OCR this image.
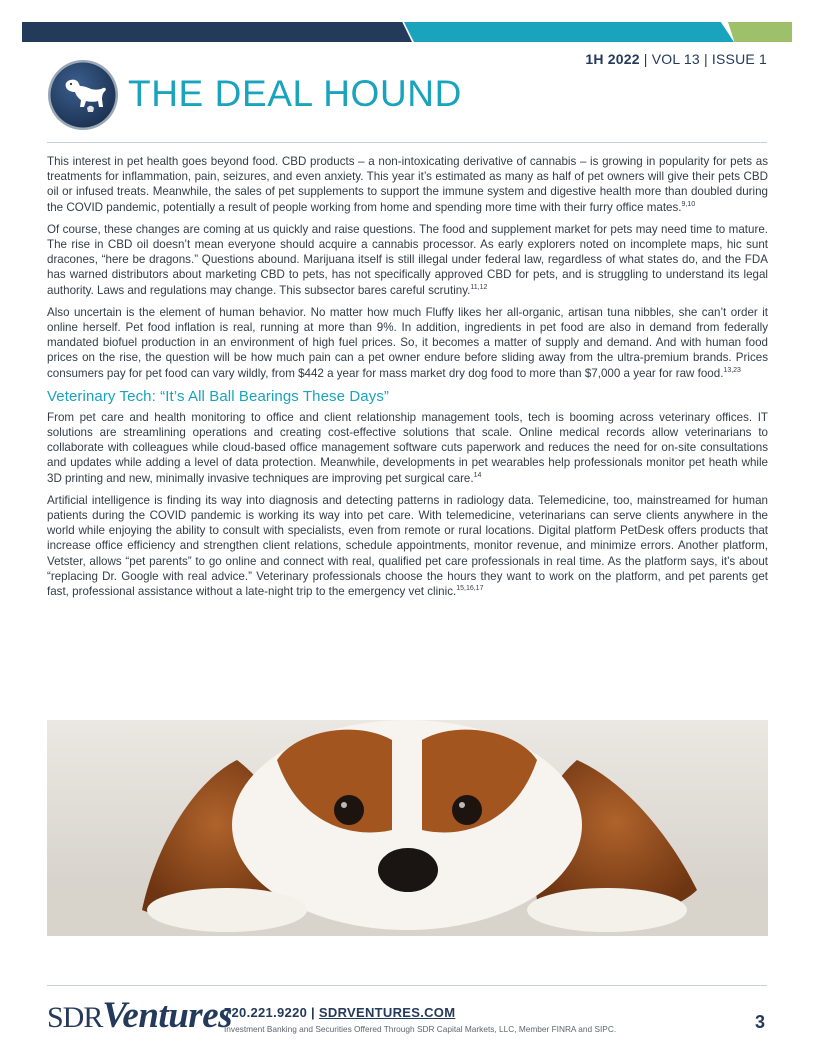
1H 2022 | VOL 13 | ISSUE 1
THE DEAL HOUND

This interest in pet health goes beyond food. CBD products – a non-intoxicating derivative of cannabis – is growing in popularity for pets as treatments for inflammation, pain, seizures, and even anxiety. This year it’s estimated as many as half of pet owners will give their pets CBD oil or infused treats. Meanwhile, the sales of pet supplements to support the immune system and digestive health more than doubled during the COVID pandemic, potentially a result of people working from home and spending more time with their furry office mates.$^{9,10}$

Of course, these changes are coming at us quickly and raise questions. The food and supplement market for pets may need time to mature. The rise in CBD oil doesn’t mean everyone should acquire a cannabis processor. As early explorers noted on incomplete maps, hic sunt dracones, “here be dragons.” Questions abound. Marijuana itself is still illegal under federal law, regardless of what states do, and the FDA has warned distributors about marketing CBD to pets, has not specifically approved CBD for pets, and is struggling to understand its legal authority. Laws and regulations may change. This subsector bares careful scrutiny.$^{11,12}$

Also uncertain is the element of human behavior. No matter how much Fluffy likes her all-organic, artisan tuna nibbles, she can’t order it online herself. Pet food inflation is real, running at more than 9%. In addition, ingredients in pet food are also in demand from federally mandated biofuel production in an environment of high fuel prices. So, it becomes a matter of supply and demand. And with human food prices on the rise, the question will be how much pain can a pet owner endure before sliding away from the ultra-premium brands. Prices consumers pay for pet food can vary wildly, from $442 a year for mass market dry dog food to more than $7,000 a year for raw food.$^{13,23}$

Veterinary Tech: “It’s All Ball Bearings These Days”

From pet care and health monitoring to office and client relationship management tools, tech is booming across veterinary offices. IT solutions are streamlining operations and creating cost-effective solutions that scale. Online medical records allow veterinarians to collaborate with colleagues while cloud-based office management software cuts paperwork and reduces the need for on-site consultations and updates while adding a level of data protection. Meanwhile, developments in pet wearables help professionals monitor pet heath while 3D printing and new, minimally invasive techniques are improving pet surgical care.$^{14}$

Artificial intelligence is finding its way into diagnosis and detecting patterns in radiology data. Telemedicine, too, mainstreamed for human patients during the COVID pandemic is working its way into pet care. With telemedicine, veterinarians can serve clients anywhere in the world while enjoying the ability to consult with specialists, even from remote or rural locations. Digital platform PetDesk offers products that increase office efficiency and strengthen client relations, schedule appointments, monitor revenue, and minimize errors. Another platform, Vetster, allows “pet parents” to go online and connect with real, qualified pet care professionals in real time. As the platform says, it’s about “replacing Dr. Google with real advice.” Veterinary professionals choose the hours they want to work on the platform, and pet parents get fast, professional assistance without a late-night trip to the emergency vet clinic.$^{15,16,17}$

SDRVentures
720.221.9220 | SDRVENTURES.COM
Investment Banking and Securities Offered Through SDR Capital Markets, LLC, Member FINRA and SIPC.	3
